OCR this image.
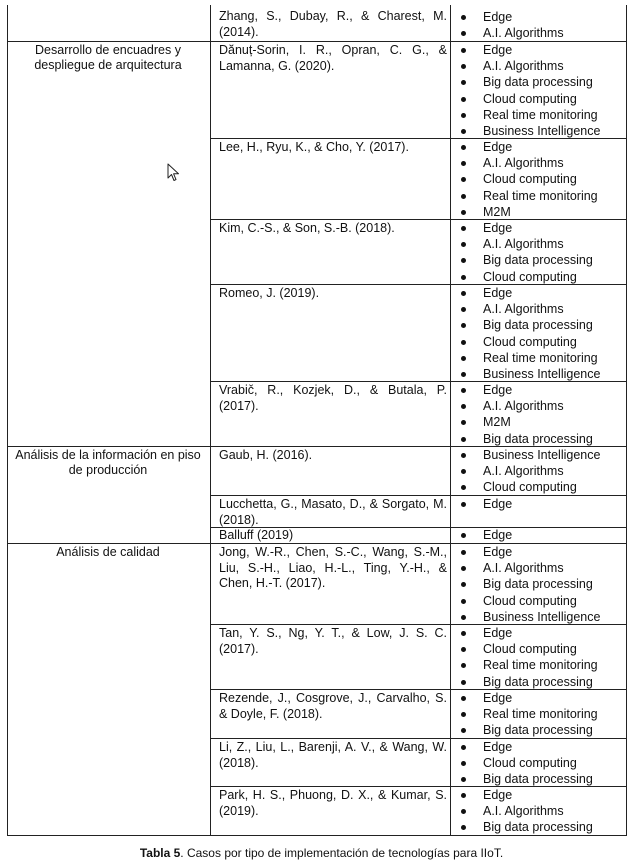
Desarrollo de encuadres y despliegue de arquitectura
Análisis de la información en piso de producción
Análisis de calidad
Zhang, S., Dubay, R., & Charest, M. (2014).
Dănuț-Sorin, I. R., Opran, C. G., & Lamanna, G. (2020).
Lee, H., Ryu, K., & Cho, Y. (2017).
Kim, C.-S., & Son, S.-B. (2018).
Romeo, J. (2019).
Vrabič, R., Kozjek, D., & Butala, P. (2017).
Gaub, H. (2016).
Lucchetta, G., Masato, D., & Sorgato, M. (2018).
Balluff (2019)
Jong, W.-R., Chen, S.-C., Wang, S.-M., Liu, S.-H., Liao, H.-L., Ting, Y.-H., & Chen, H.-T. (2017).
Tan, Y. S., Ng, Y. T., & Low, J. S. C. (2017).
Rezende, J., Cosgrove, J., Carvalho, S. & Doyle, F. (2018).
Li, Z., Liu, L., Barenji, A. V., & Wang, W. (2018).
Park, H. S., Phuong, D. X., & Kumar, S. (2019).
Edge
A.I. Algorithms
Edge
A.I. Algorithms
Big data processing
Cloud computing
Real time monitoring
Business Intelligence
Edge
A.I. Algorithms
Cloud computing
Real time monitoring
M2M
Edge
A.I. Algorithms
Big data processing
Cloud computing
Edge
A.I. Algorithms
Big data processing
Cloud computing
Real time monitoring
Business Intelligence
Edge
A.I. Algorithms
M2M
Big data processing
Business Intelligence
A.I. Algorithms
Cloud computing
Edge
Edge
Edge
A.I. Algorithms
Big data processing
Cloud computing
Business Intelligence
Edge
Cloud computing
Real time monitoring
Big data processing
Edge
Real time monitoring
Big data processing
Edge
Cloud computing
Big data processing
Edge
A.I. Algorithms
Big data processing
Tabla 5. Casos por tipo de implementación de tecnologías para IIoT.
